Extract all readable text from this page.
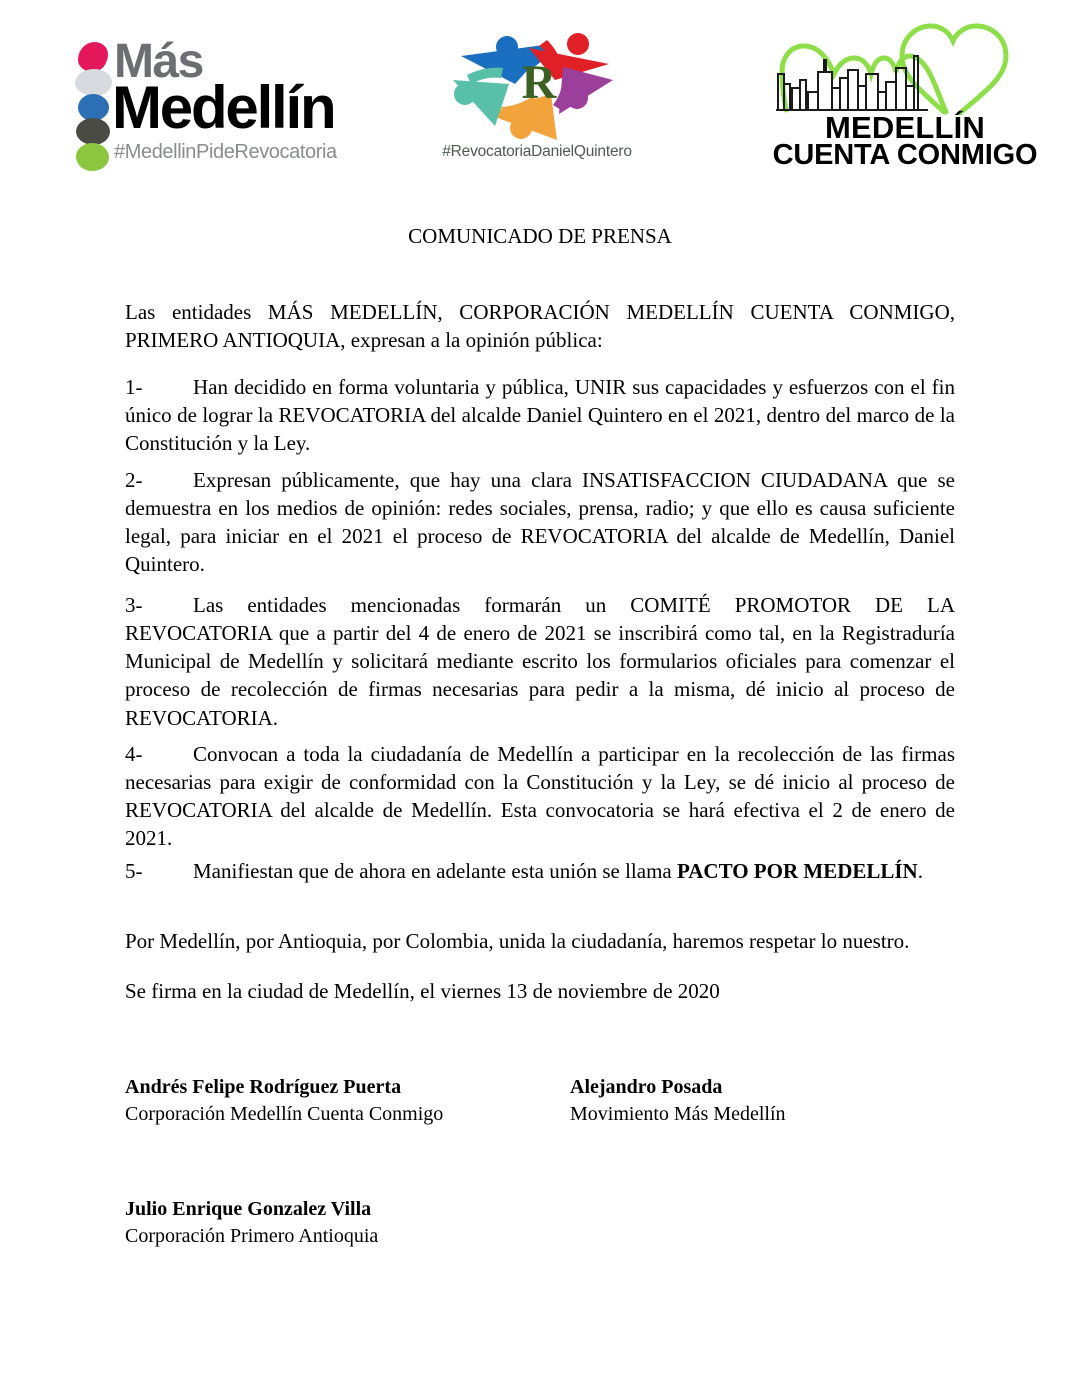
Más
Medellín
#MedellinPideRevocatoria
R
#RevocatoriaDanielQuintero
MEDELLÍN
CUENTA CONMIGO
COMUNICADO DE PRENSA
Las entidades MÁS MEDELLÍN, CORPORACIÓN MEDELLÍN CUENTA CONMIGO, PRIMERO ANTIOQUIA, expresan a la opinión pública:
1- Han decidido en forma voluntaria y pública, UNIR sus capacidades y esfuerzos con el fin único de lograr la REVOCATORIA del alcalde Daniel Quintero en el 2021, dentro del marco de la Constitución y la Ley.
2- Expresan públicamente, que hay una clara INSATISFACCION CIUDADANA que se demuestra en los medios de opinión: redes sociales, prensa, radio; y que ello es causa suficiente legal, para iniciar en el 2021 el proceso de REVOCATORIA del alcalde de Medellín, Daniel Quintero.
3- Las entidades mencionadas formarán un COMITÉ PROMOTOR DE LA REVOCATORIA que a partir del 4 de enero de 2021 se inscribirá como tal, en la Registraduría Municipal de Medellín y solicitará mediante escrito los formularios oficiales para comenzar el proceso de recolección de firmas necesarias para pedir a la misma, dé inicio al proceso de REVOCATORIA.
4- Convocan a toda la ciudadanía de Medellín a participar en la recolección de las firmas necesarias para exigir de conformidad con la Constitución y la Ley, se dé inicio al proceso de REVOCATORIA del alcalde de Medellín. Esta convocatoria se hará efectiva el 2 de enero de 2021.
5- Manifiestan que de ahora en adelante esta unión se llama PACTO POR MEDELLÍN.
Por Medellín, por Antioquia, por Colombia, unida la ciudadanía, haremos respetar lo nuestro.
Se firma en la ciudad de Medellín, el viernes 13 de noviembre de 2020
Andrés Felipe Rodríguez Puerta
Corporación Medellín Cuenta Conmigo
Alejandro Posada
Movimiento Más Medellín
Julio Enrique Gonzalez Villa
Corporación Primero Antioquia
